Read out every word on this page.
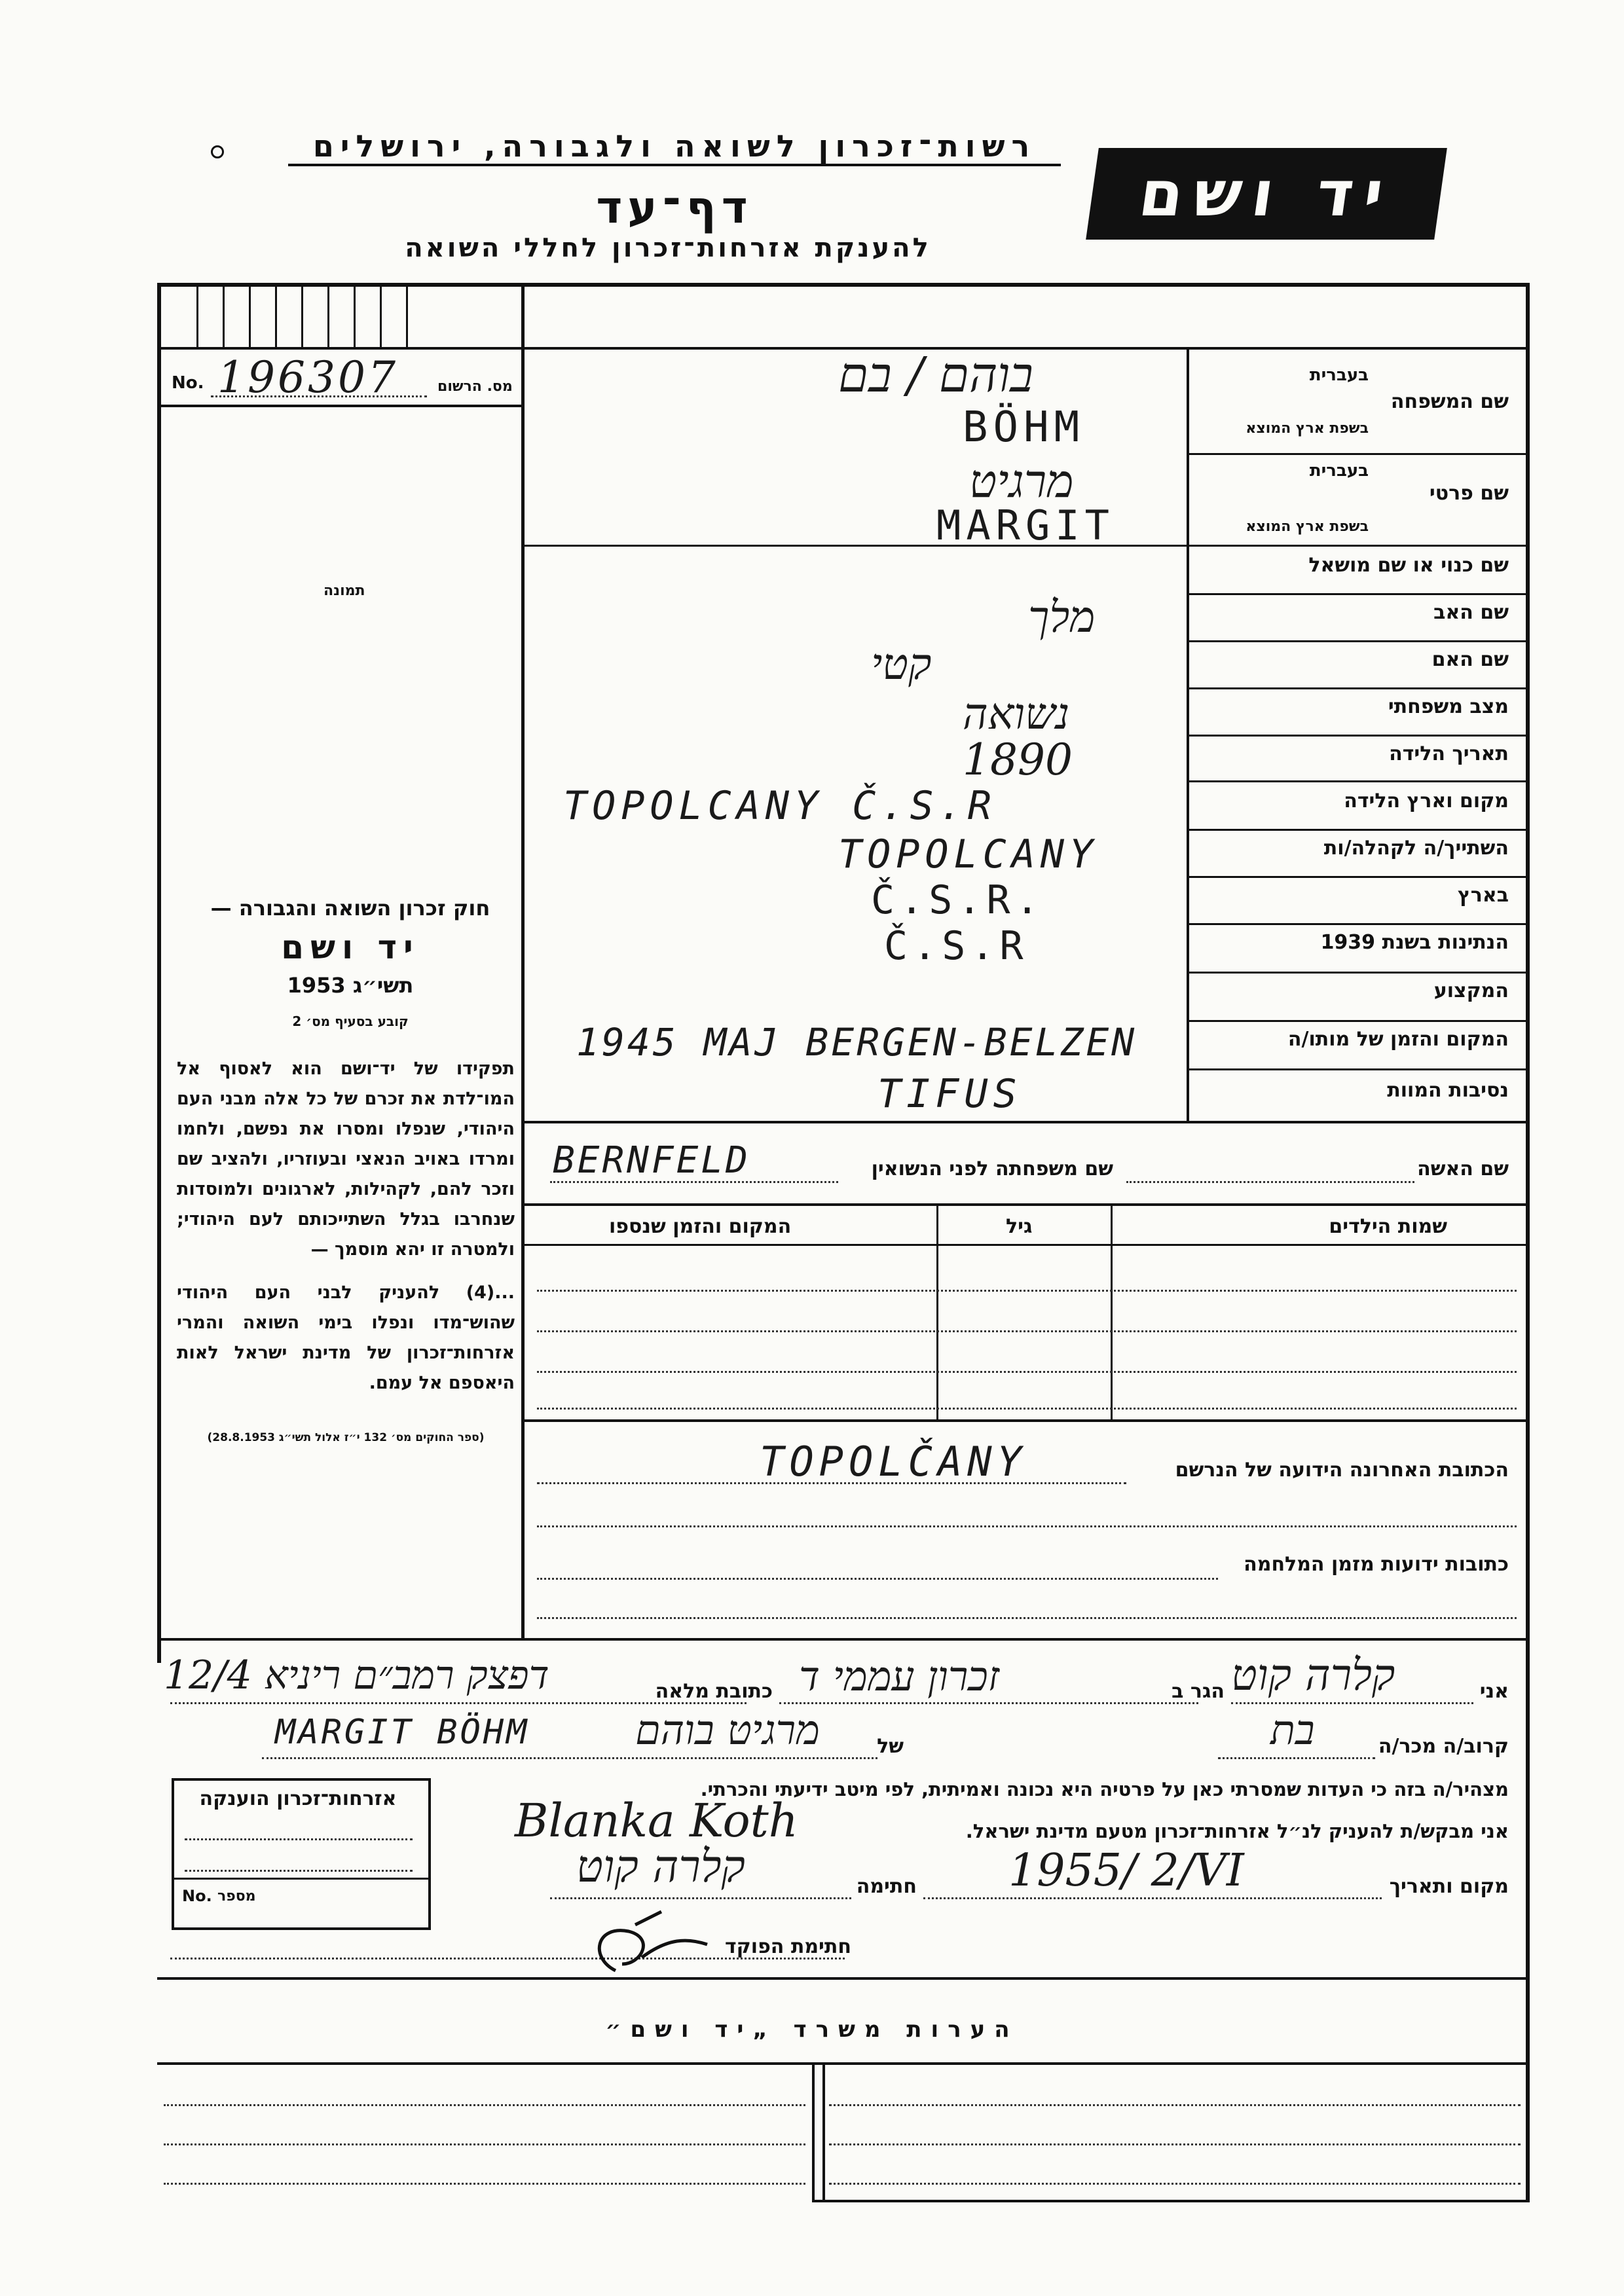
רשות־זכרון לשואה ולגבורה, ירושלים
דף־עד
להענקת אזרחות־זכרון לחללי השואה
יד ושם
No. 196307	מס. הרשום
תמונה
שם המשפחה
בעברית
בשפת ארץ המוצא
שם פרטי
בעברית
בשפת ארץ המוצא
שם כנוי או שם מושאל
שם האב
שם האם
מצב משפחתי
תאריך הלידה
מקום וארץ הלידה
השתייך/ה לקהלה/ות
בארץ
הנתינות בשנת 1939
המקצוע
המקום והזמן של מותו/ה
נסיבות המוות
בוהם / בם
BÖHM
מרגיט
MARGIT
מלך
קטי
נשואה
1890
TOPOLCANY Č.S.R
TOPOLCANY
Č.S.R.
Č.S.R
1945 MAJ BERGEN-BELZEN
TIFUS
שם האשה
שם משפחתה לפני הנשואין
BERNFELD
שמות הילדים
גיל
המקום והזמן שנספו
חוק זכרון השואה והגבורה —
יד ושם
תשי״ג 1953
קובע בסעיף מס׳ 2
תפקידו של יד־ושם הוא לאסוף אל המו־לדת את זכרם של כל אלה מבני העם היהודי, שנפלו ומסרו את נפשם, ולחמו ומרדו באויב הנאצי ובעוזריו, ולהציב שם וזכר להם, לקהילות, לארגונים ולמוסדות שנחרבו בגלל השתייכותם לעם היהודי; ולמטרה זו יהא מוסמך —
...(4) להעניק לבני העם היהודי שהוש־מדו ונפלו בימי השואה והמרי אזרחות־זכרון של מדינת ישראל לאות היאספם אל עמם.
(ספר החוקים מס׳ 132 י״ז אלול תשי״ג 28.8.1953)
הכתובת האחרונה הידועה של הנרשם
TOPOLČANY
כתובות ידועות מזמן המלחמה
אני
קלרה קוט
הגר ב
זכרון עממי ד
כתובת מלאה
דפצק רמב״ם ריניא 12/4
קרוב/ה מכר/ה
בת
של
מרגיט בוהם
MARGIT BÖHM
מצהיר/ה בזה כי העדות שמסרתי כאן על פרטיה היא נכונה ואמיתית, לפי מיטב ידיעתי והכרתי.
אני מבקש/ת להעניק לנ״ל אזרחות־זכרון מטעם מדינת ישראל.
Blanka Koth
מקום ותאריך
1955/ 2/VI
חתימה
קלרה קוט
חתימת הפוקד
אזרחות־זכרון הוענקה
No. מספר
הערות משרד „יד ושם״
